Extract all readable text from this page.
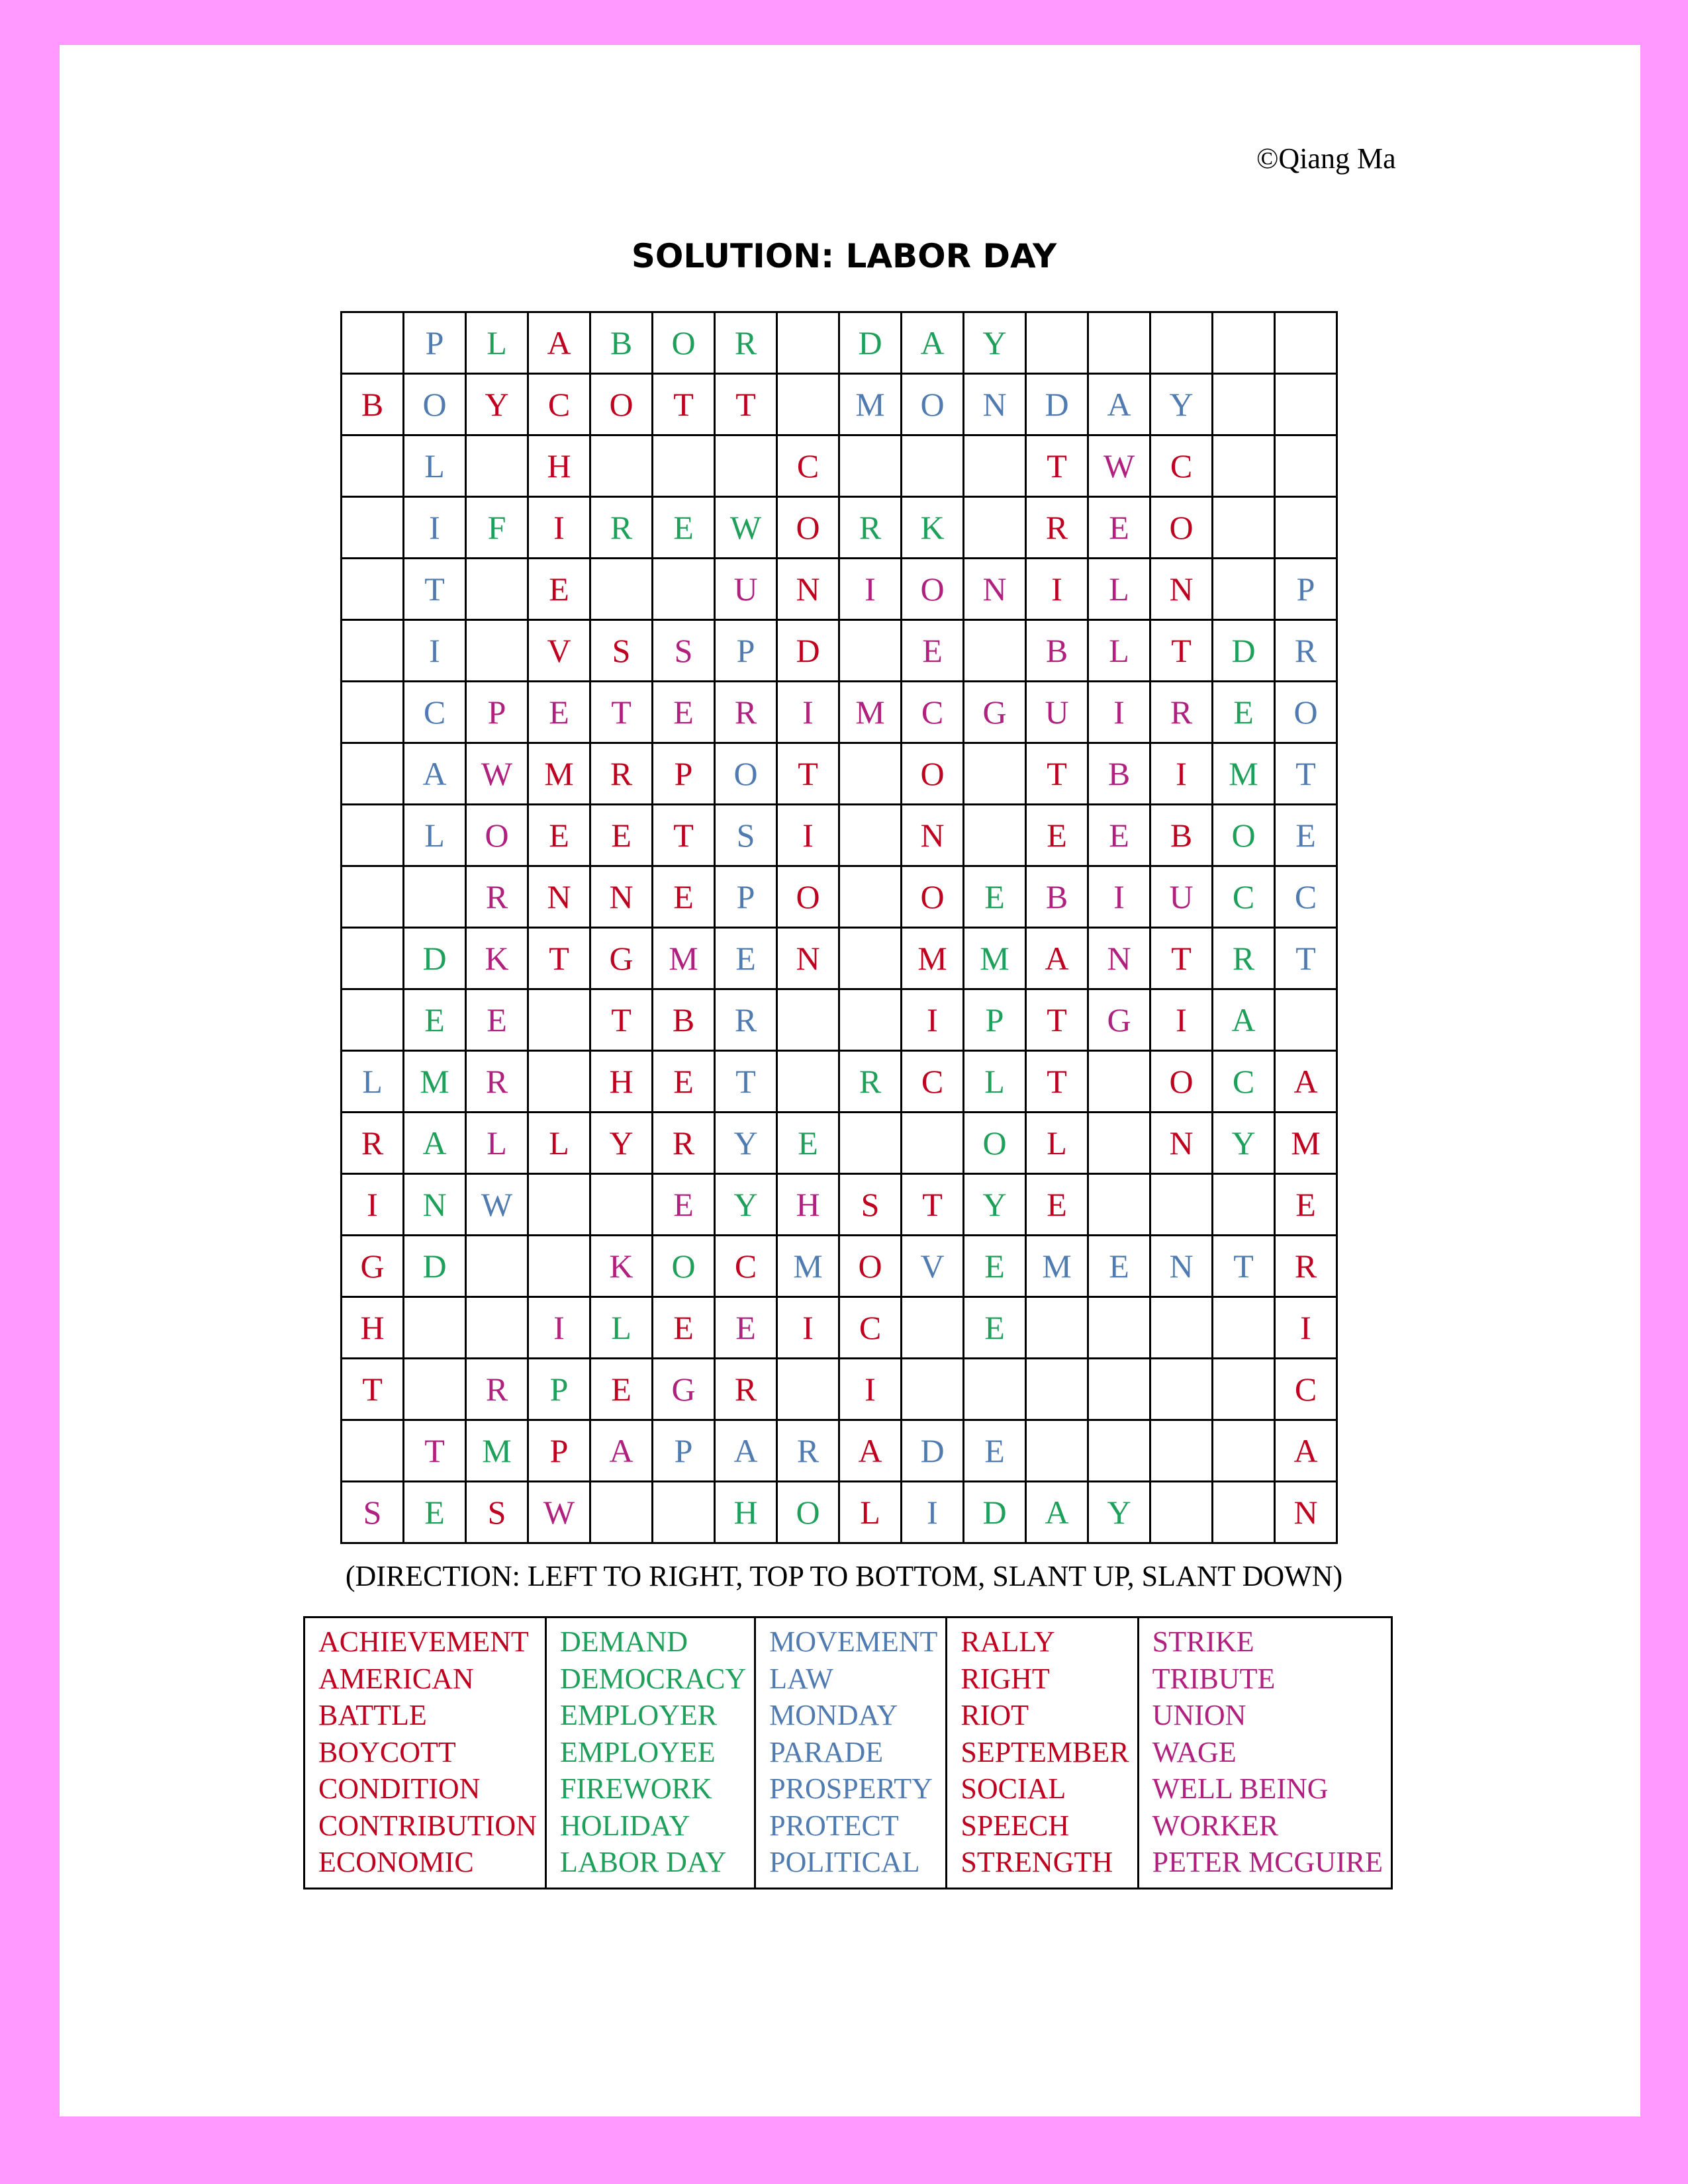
©Qiang Ma
SOLUTION: LABOR DAY
	P	L	A	B	O	R		D	A	Y					
B	O	Y	C	O	T	T		M	O	N	D	A	Y		
	L		H				C				T	W	C		
	I	F	I	R	E	W	O	R	K		R	E	O		
	T		E			U	N	I	O	N	I	L	N		P
	I		V	S	S	P	D		E		B	L	T	D	R
	C	P	E	T	E	R	I	M	C	G	U	I	R	E	O
	A	W	M	R	P	O	T		O		T	B	I	M	T
	L	O	E	E	T	S	I		N		E	E	B	O	E
		R	N	N	E	P	O		O	E	B	I	U	C	C
	D	K	T	G	M	E	N		M	M	A	N	T	R	T
	E	E		T	B	R			I	P	T	G	I	A	
L	M	R		H	E	T		R	C	L	T		O	C	A
R	A	L	L	Y	R	Y	E			O	L		N	Y	M
I	N	W			E	Y	H	S	T	Y	E				E
G	D			K	O	C	M	O	V	E	M	E	N	T	R
H			I	L	E	E	I	C		E					I
T		R	P	E	G	R		I							C
	T	M	P	A	P	A	R	A	D	E					A
S	E	S	W			H	O	L	I	D	A	Y			N
(DIRECTION: LEFT TO RIGHT, TOP TO BOTTOM, SLANT UP, SLANT DOWN)
ACHIEVEMENT
AMERICAN
BATTLE
BOYCOTT
CONDITION
CONTRIBUTION
ECONOMIC

DEMAND
DEMOCRACY
EMPLOYER
EMPLOYEE
FIREWORK
HOLIDAY
LABOR DAY

MOVEMENT
LAW
MONDAY
PARADE
PROSPERTY
PROTECT
POLITICAL

RALLY
RIGHT
RIOT
SEPTEMBER
SOCIAL
SPEECH
STRENGTH

STRIKE
TRIBUTE
UNION
WAGE
WELL BEING
WORKER
PETER MCGUIRE
